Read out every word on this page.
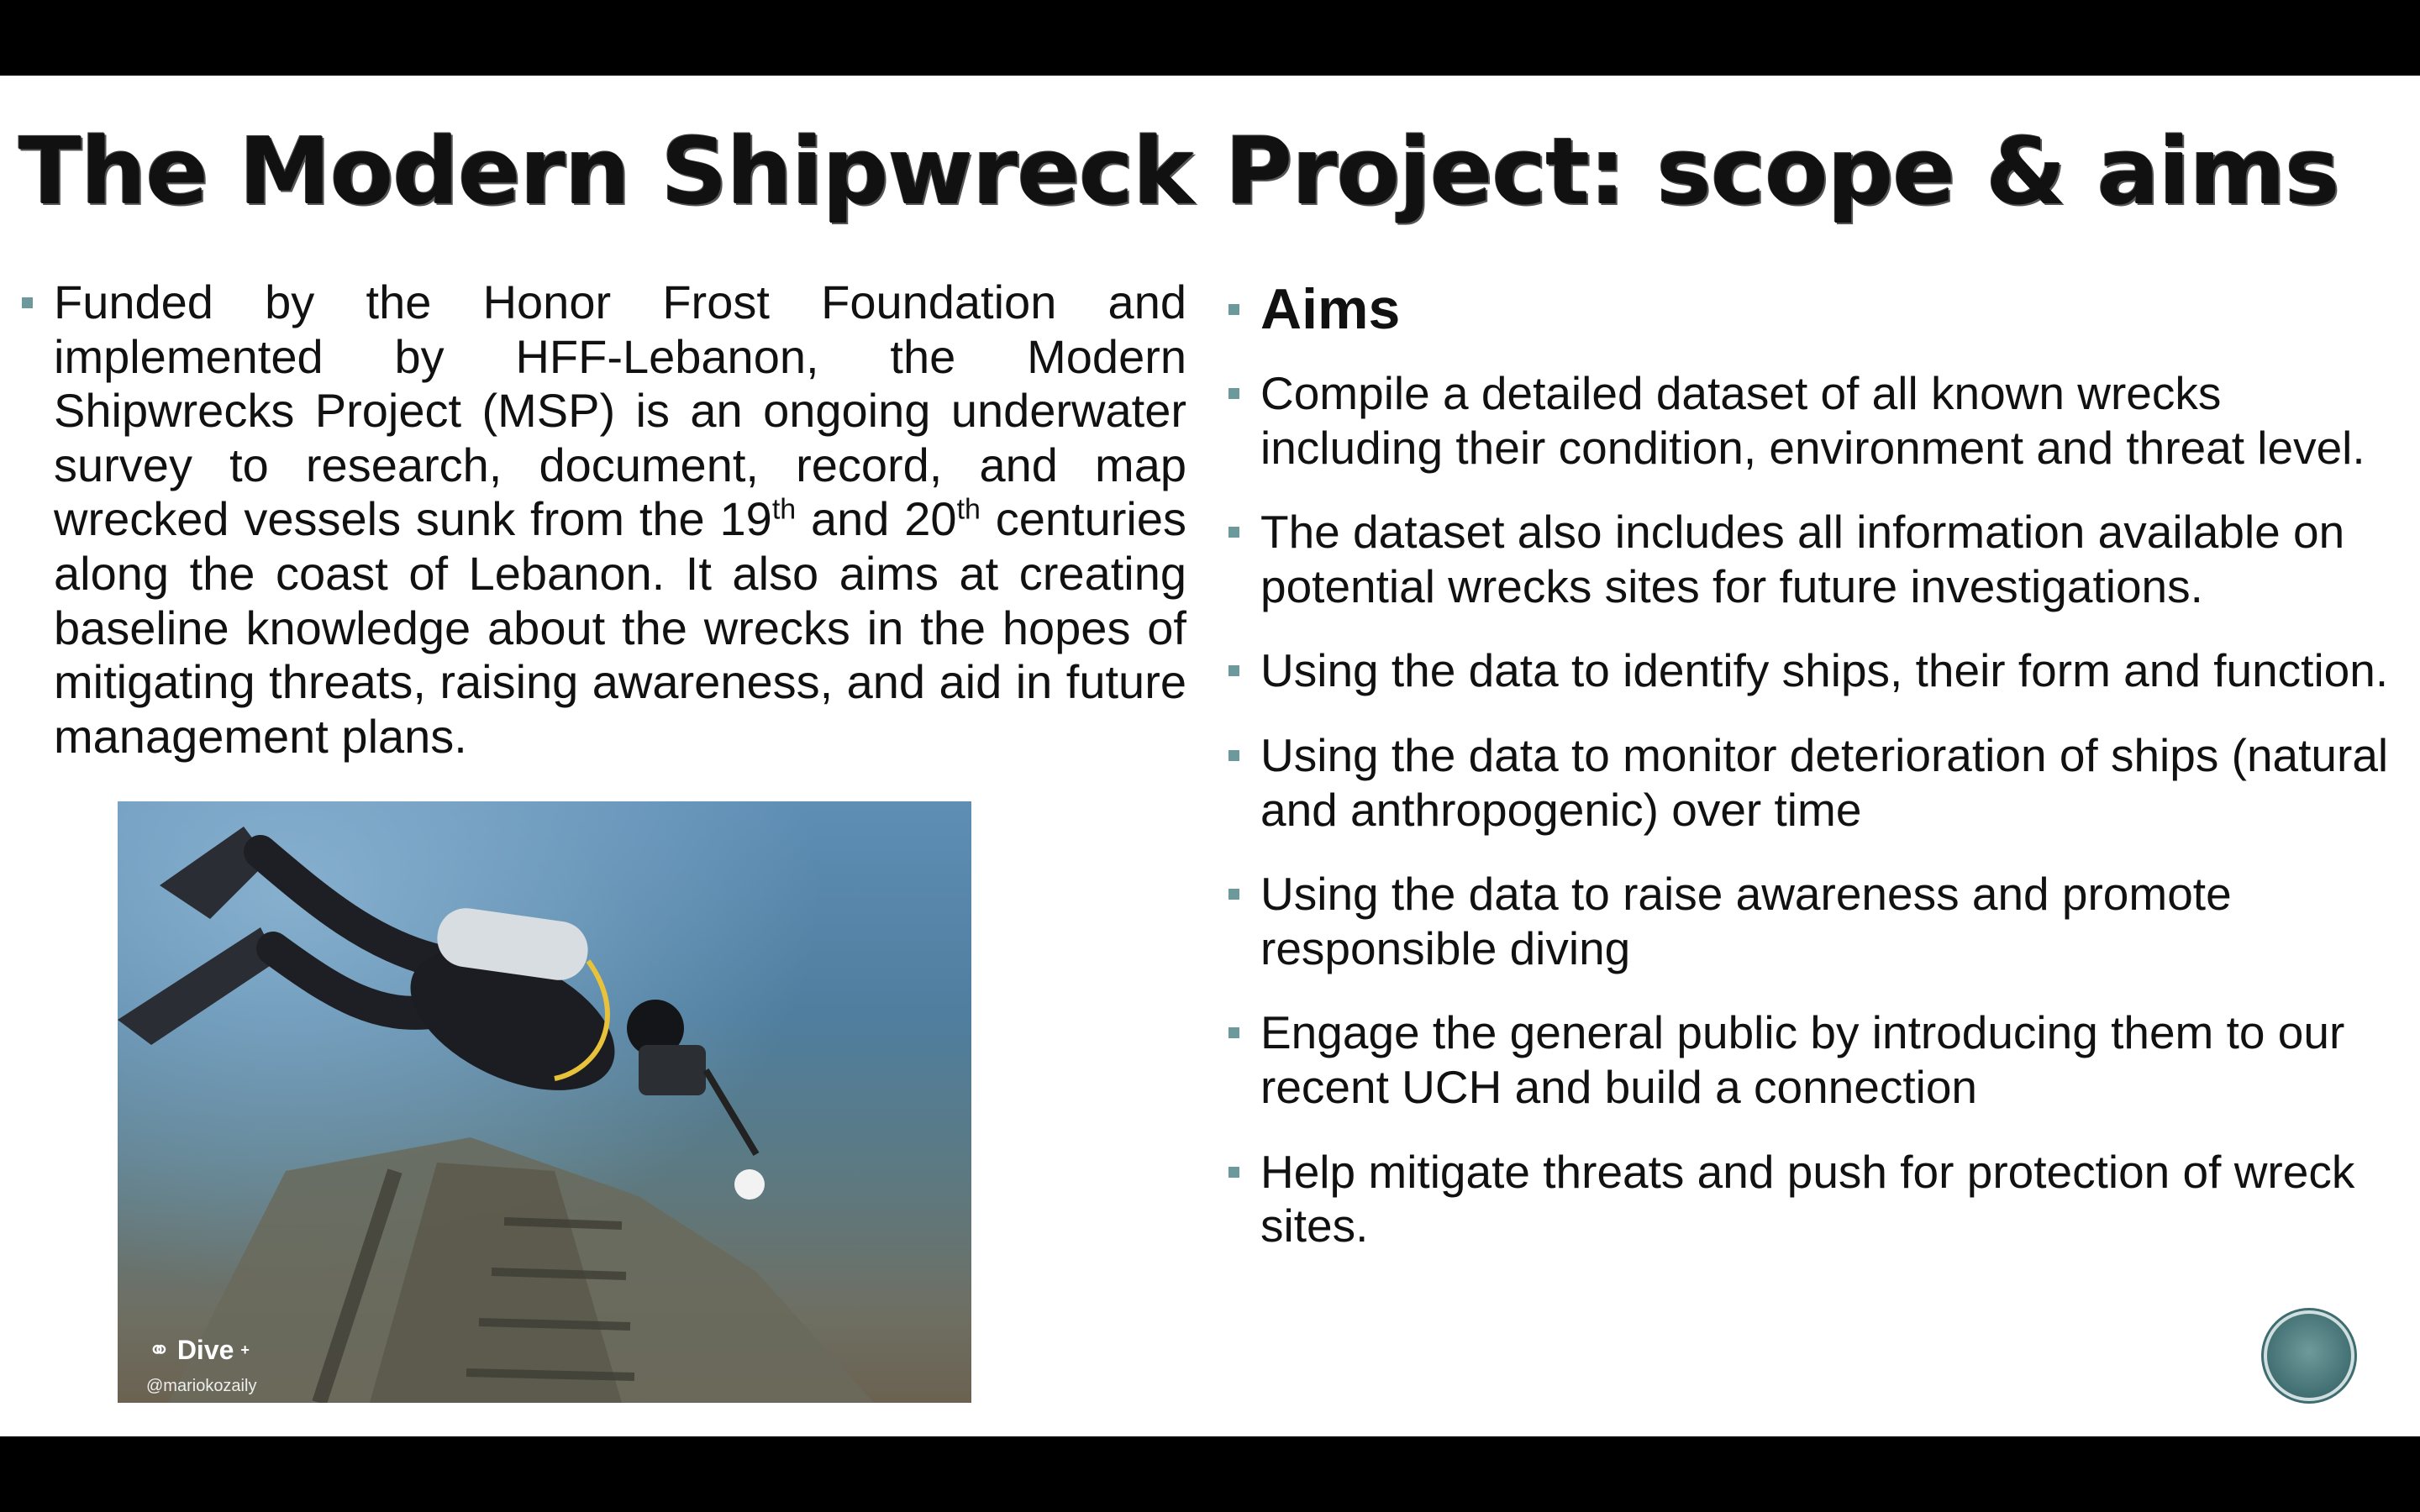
The Modern Shipwreck Project: scope & aims
Funded by the Honor Frost Foundation and implemented by HFF-Lebanon, the Modern Shipwrecks Project (MSP) is an ongoing underwater survey to research, document, record, and map wrecked vessels sunk from the 19th and 20th centuries along the coast of Lebanon. It also aims at creating baseline knowledge about the wrecks in the hopes of mitigating threats, raising awareness, and aid in future management plans.
⚭ Dive +
@mariokozaily
Aims
Compile a detailed dataset of all known wrecks including their condition, environment and threat level.
The dataset also includes all information available on potential wrecks sites for future investigations.
Using the data to identify ships, their form and function.
Using the data to monitor deterioration of ships (natural and anthropogenic) over time
Using the data to raise awareness and promote responsible diving
Engage the general public by introducing them to our recent UCH and build a connection
Help mitigate threats and push for protection of wreck sites.
